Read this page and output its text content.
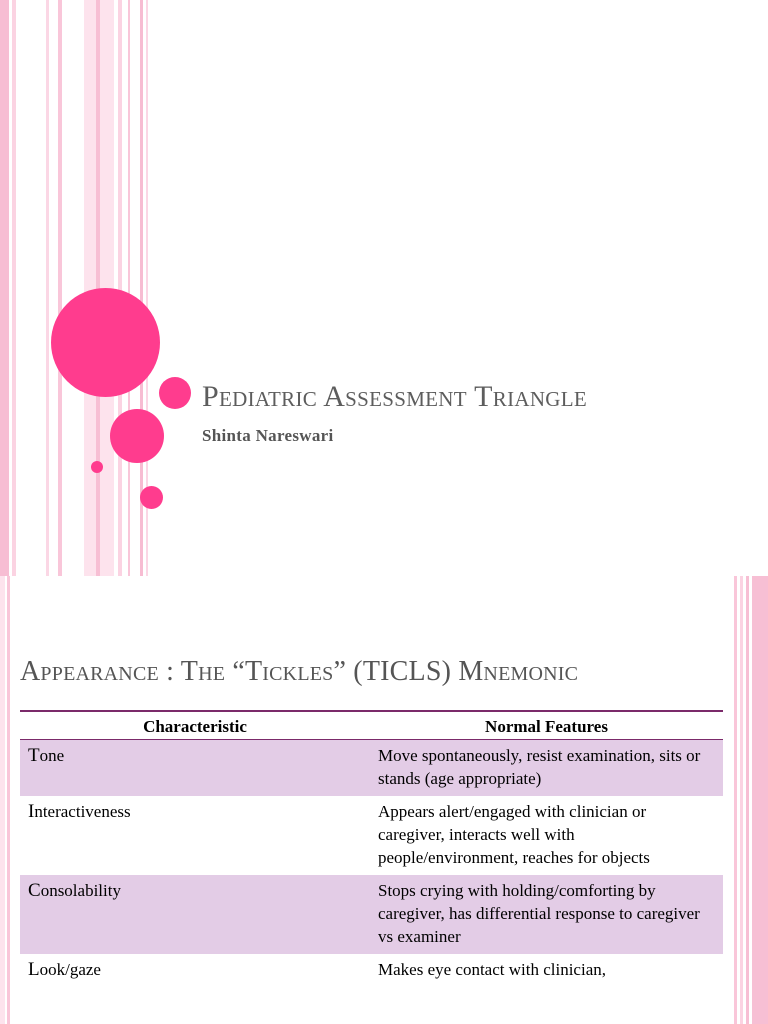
Pediatric Assessment Triangle
Shinta Nareswari
Appearance : The “Tickles” (TICLS) Mnemonic
Characteristic	Normal Features
Tone	Move spontaneously, resist examination, sits or stands (age appropriate)
Interactiveness	Appears alert/engaged with clinician or caregiver, interacts well with people/environment, reaches for objects
Consolability	Stops crying with holding/comforting by caregiver, has differential response to caregiver vs examiner
Look/gaze	Makes eye contact with clinician,
